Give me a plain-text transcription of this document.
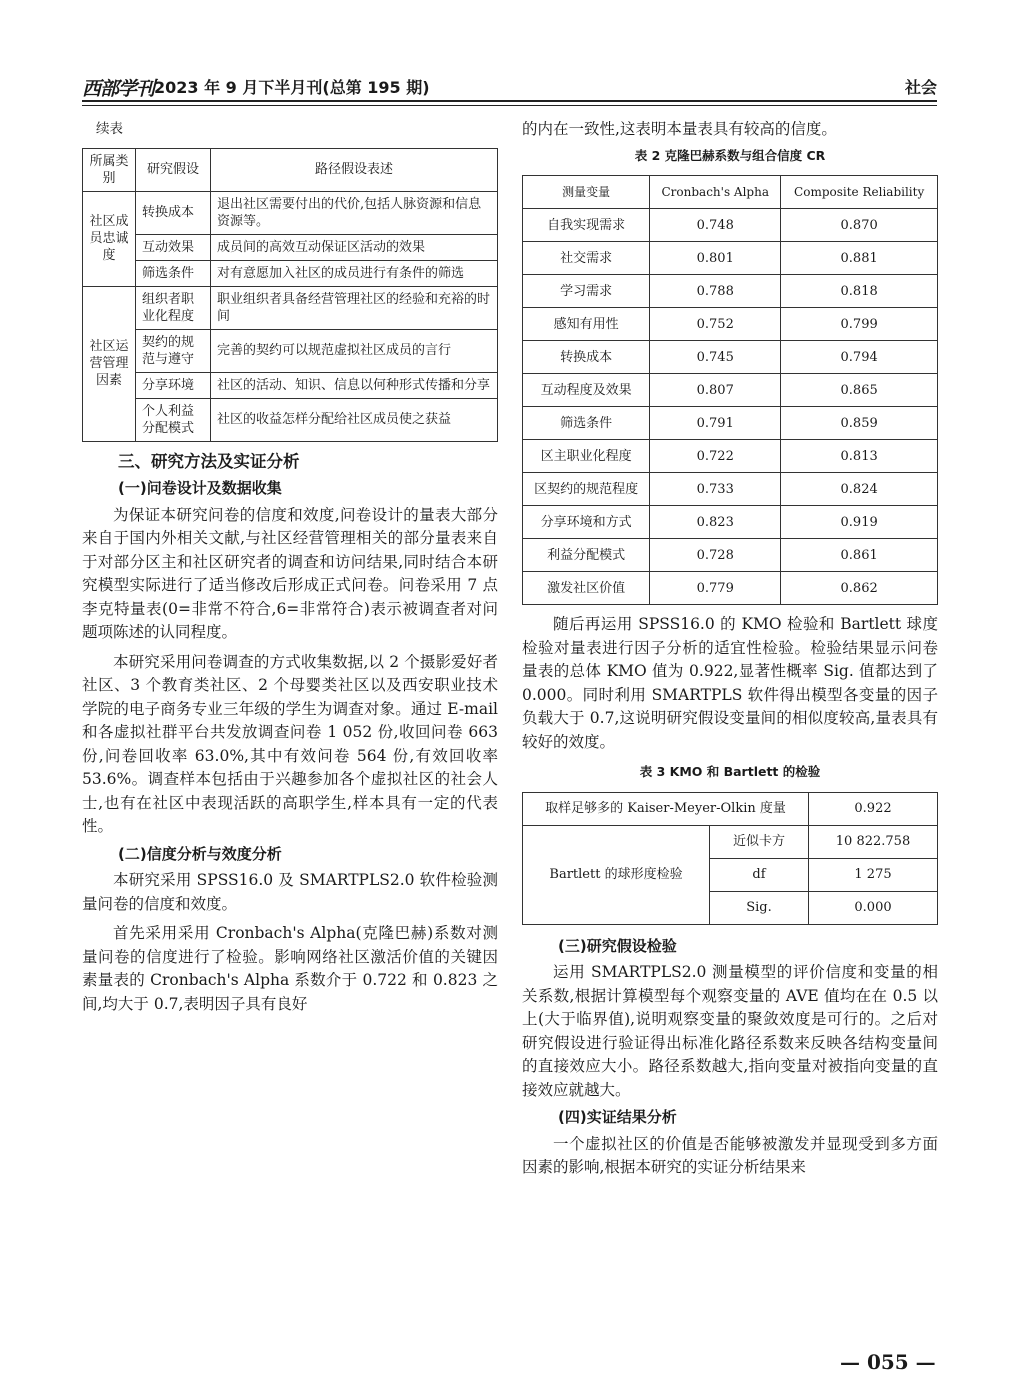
西部学刊 2023 年 9 月下半月刊(总第 195 期)	社会
续表
所属类别	研究假设	路径假设表述
社区成员忠诚度	转换成本	退出社区需要付出的代价,包括人脉资源和信息资源等。
	互动效果	成员间的高效互动保证区活动的效果
	筛选条件	对有意愿加入社区的成员进行有条件的筛选
社区运营管理因素	组织者职业化程度	职业组织者具备经营管理社区的经验和充裕的时间
	契约的规范与遵守	完善的契约可以规范虚拟社区成员的言行
	分享环境	社区的活动、知识、信息以何种形式传播和分享
	个人利益分配模式	社区的收益怎样分配给社区成员使之获益
三、研究方法及实证分析
(一)问卷设计及数据收集

为保证本研究问卷的信度和效度,问卷设计的量表大部分来自于国内外相关文献,与社区经营管理相关的部分量表来自于对部分区主和社区研究者的调查和访问结果,同时结合本研究模型实际进行了适当修改后形成正式问卷。问卷采用 7 点李克特量表(0=非常不符合,6=非常符合)表示被调查者对问题项陈述的认同程度。

本研究采用问卷调查的方式收集数据,以 2 个摄影爱好者社区、3 个教育类社区、2 个母婴类社区以及西安职业技术学院的电子商务专业三年级的学生为调查对象。通过 E-mail 和各虚拟社群平台共发放调查问卷 1 052 份,收回问卷 663 份,问卷回收率 63.0%,其中有效问卷 564 份,有效回收率 53.6%。调查样本包括由于兴趣参加各个虚拟社区的社会人士,也有在社区中表现活跃的高职学生,样本具有一定的代表性。

(二)信度分析与效度分析

本研究采用 SPSS16.0 及 SMARTPLS2.0 软件检验测量问卷的信度和效度。

首先采用采用 Cronbach's Alpha(克隆巴赫)系数对测量问卷的信度进行了检验。影响网络社区激活价值的关键因素量表的 Cronbach's Alpha 系数介于 0.722 和 0.823 之间,均大于 0.7,表明因子具有良好

的内在一致性,这表明本量表具有较高的信度。

表 2 克隆巴赫系数与组合信度 CR
测量变量	Cronbach's Alpha	Composite Reliability
自我实现需求	0.748	0.870
社交需求	0.801	0.881
学习需求	0.788	0.818
感知有用性	0.752	0.799
转换成本	0.745	0.794
互动程度及效果	0.807	0.865
筛选条件	0.791	0.859
区主职业化程度	0.722	0.813
区契约的规范程度	0.733	0.824
分享环境和方式	0.823	0.919
利益分配模式	0.728	0.861
激发社区价值	0.779	0.862

随后再运用 SPSS16.0 的 KMO 检验和 Bartlett 球度检验对量表进行因子分析的适宜性检验。检验结果显示问卷量表的总体 KMO 值为 0.922,显著性概率 Sig. 值都达到了 0.000。同时利用 SMARTPLS 软件得出模型各变量的因子负载大于 0.7,这说明研究假设变量间的相似度较高,量表具有较好的效度。

表 3 KMO 和 Bartlett 的检验
取样足够多的 Kaiser-Meyer-Olkin 度量		0.922
Bartlett 的球形度检验	近似卡方	10 822.758
	df	1 275
	Sig.	0.000
(三)研究假设检验

运用 SMARTPLS2.0 测量模型的评价信度和变量的相关系数,根据计算模型每个观察变量的 AVE 值均在在 0.5 以上(大于临界值),说明观察变量的聚敛效度是可行的。之后对研究假设进行验证得出标准化路径系数来反映各结构变量间的直接效应大小。路径系数越大,指向变量对被指向变量的直接效应就越大。

(四)实证结果分析

一个虚拟社区的价值是否能够被激发并显现受到多方面因素的影响,根据本研究的实证分析结果来

— 055 —
